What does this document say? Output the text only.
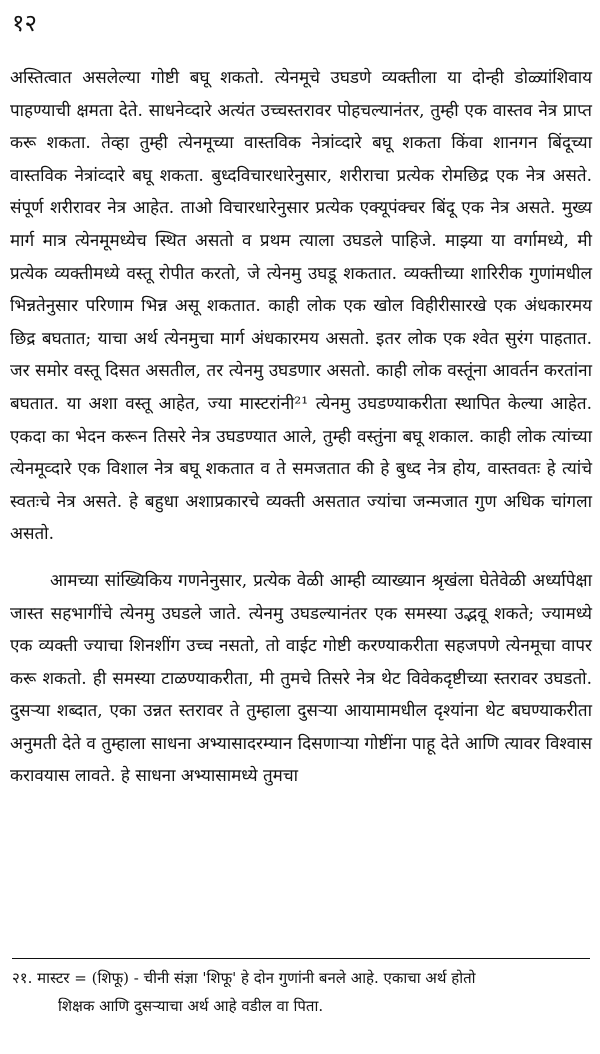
१२

अस्तित्वात असलेल्या गोष्टी बघू शकतो. त्येनमूचे उघडणे व्यक्तीला या दोन्ही डोळ्यांशिवाय पाहण्याची क्षमता देते. साधनेव्दारे अत्यंत उच्चस्तरावर पोहचल्यानंतर, तुम्ही एक वास्तव नेत्र प्राप्त करू शकता. तेव्हा तुम्ही त्येनमूच्या वास्तविक नेत्रांव्दारे बघू शकता किंवा शानगन बिंदूच्या वास्तविक नेत्रांव्दारे बघू शकता. बुध्दविचारधारेनुसार, शरीराचा प्रत्येक रोमछिद्र एक नेत्र असते. संपूर्ण शरीरावर नेत्र आहेत. ताओ विचारधारेनुसार प्रत्येक एक्यूपंक्चर बिंदू एक नेत्र असते. मुख्य मार्ग मात्र त्येनमूमध्येच स्थित असतो व प्रथम त्याला उघडले पाहिजे. माझ्या या वर्गामध्ये, मी प्रत्येक व्यक्तीमध्ये वस्तू रोपीत करतो, जे त्येनमु उघडू शकतात. व्यक्तीच्या शारिरीक गुणांमधील भिन्नतेनुसार परिणाम भिन्न असू शकतात. काही लोक एक खोल विहीरीसारखे एक अंधकारमय छिद्र बघतात; याचा अर्थ त्येनमुचा मार्ग अंधकारमय असतो. इतर लोक एक श्वेत सुरंग पाहतात. जर समोर वस्तू दिसत असतील, तर त्येनमु उघडणार असतो. काही लोक वस्तूंना आवर्तन करतांना बघतात. या अशा वस्तू आहेत, ज्या मास्टरांनी²¹ त्येनमु उघडण्याकरीता स्थापित केल्या आहेत. एकदा का भेदन करून तिसरे नेत्र उघडण्यात आले, तुम्ही वस्तुंना बघू शकाल. काही लोक त्यांच्या त्येनमूव्दारे एक विशाल नेत्र बघू शकतात व ते समजतात की हे बुध्द नेत्र होय, वास्तवतः हे त्यांचे स्वतःचे नेत्र असते. हे बहुधा अशाप्रकारचे व्यक्ती असतात ज्यांचा जन्मजात गुण अधिक चांगला असतो.

आमच्या सांख्यिकिय गणनेनुसार, प्रत्येक वेळी आम्ही व्याख्यान श्रृखंला घेतेवेळी अर्ध्यापेक्षा जास्त सहभागींचे त्येनमु उघडले जाते. त्येनमु उघडल्यानंतर एक समस्या उद्भवू शकते; ज्यामध्ये एक व्यक्ती ज्याचा शिनशींग उच्च नसतो, तो वाईट गोष्टी करण्याकरीता सहजपणे त्येनमूचा वापर करू शकतो. ही समस्या टाळण्याकरीता, मी तुमचे तिसरे नेत्र थेट विवेकदृष्टीच्या स्तरावर उघडतो. दुसऱ्या शब्दात, एका उन्नत स्तरावर ते तुम्हाला दुसऱ्या आयामामधील दृश्यांना थेट बघण्याकरीता अनुमती देते व तुम्हाला साधना अभ्यासादरम्यान दिसणाऱ्या गोष्टींना पाहू देते आणि त्यावर विश्वास करावयास लावते. हे साधना अभ्यासामध्ये तुमचा

२१. मास्टर = (शिफू) - चीनी संज्ञा 'शिफू' हे दोन गुणांनी बनले आहे. एकाचा अर्थ होतो
शिक्षक आणि दुसऱ्याचा अर्थ आहे वडील वा पिता.
